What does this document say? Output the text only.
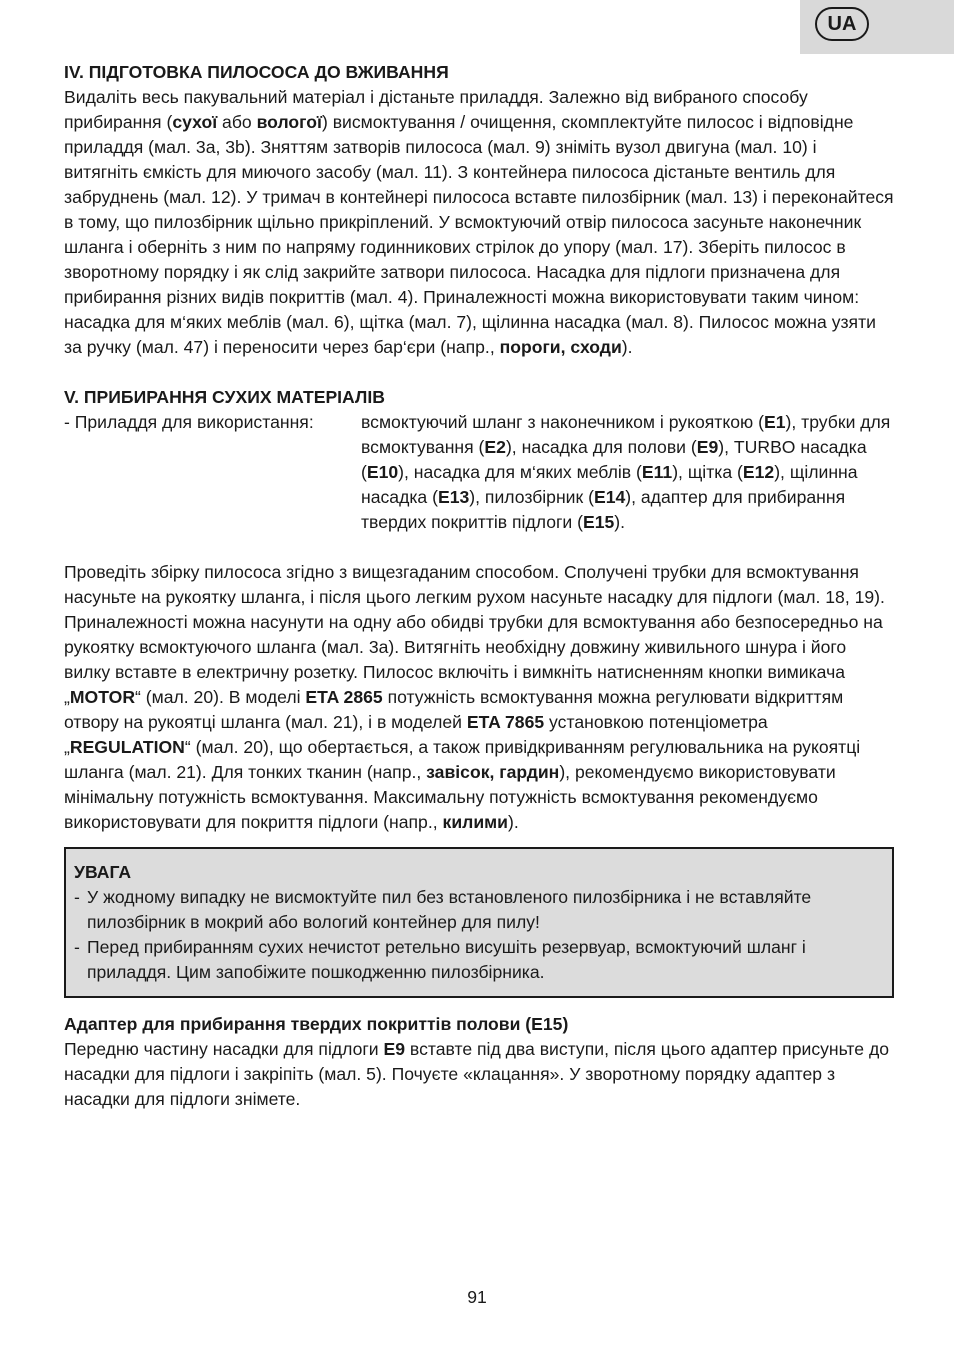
UA

IV. ПІДГОТОВКА ПИЛОСОСА ДО ВЖИВАННЯ

Видаліть весь пакувальний матеріал і дістаньте приладдя. Залежно від вибраного способу прибирання (сухої або вологої) висмоктування / очищення, скомплектуйте пилосос і відповідне приладдя (мал. 3a, 3b). Зняттям затворів пилососа (мал. 9) зніміть вузол двигуна (мал. 10) і витягніть ємкість для миючого засобу (мал. 11). З контейнера пилососа дістаньте вентиль для забруднень (мал. 12). У тримач в контейнері пилососа вставте пилозбірник (мал. 13) і переконайтеся в тому, що пилозбірник щільно прикріплений. У всмоктуючий отвір пилососа засуньте наконечник шланга і оберніть з ним по напряму годинникових стрілок до упору (мал. 17). Зберіть пилосос в зворотному порядку і як слід закрийте затвори пилососа. Насадка для підлоги призначена для прибирання різних видів покриттів (мал. 4). Приналежності можна використовувати таким чином: насадка для м‘яких меблів (мал. 6), щітка (мал. 7), щілинна насадка (мал. 8). Пилосос можна узяти за ручку (мал. 47) і переносити через бар‘єри (напр., пороги, сходи).

V. ПРИБИРАННЯ СУХИХ МАТЕРІАЛІВ

- Приладдя для використання:	всмоктуючий шланг з наконечником і рукояткою (E1), трубки для всмоктування (E2), насадка для полови (E9), TURBO насадка (E10), насадка для м‘яких меблів (E11), щітка (E12), щілинна насадка (E13), пилозбірник (E14), адаптер для прибирання твердих покриттів підлоги (E15).

Проведіть збірку пилососа згідно з вищезгаданим способом. Сполучені трубки для всмоктування насуньте на рукоятку шланга, і після цього легким рухом насуньте насадку для підлоги (мал. 18, 19). Приналежності можна насунути на одну або обидві трубки для всмоктування або безпосередньо на рукоятку всмоктуючого шланга (мал. 3a). Витягніть необхідну довжину живильного шнура і його вилку вставте в електричну розетку. Пилосос включіть і вимкніть натисненням кнопки вимикача „MOTOR“ (мал. 20). В моделі ETA 2865 потужність всмоктування можна регулювати відкриттям отвору на рукоятці шланга (мал. 21), і в моделей ETA 7865 установкою потенціометра „REGULATION“ (мал. 20), що обертається, а також привідкриванням регулювальника на рукоятці шланга (мал. 21). Для тонких тканин (напр., завісок, гардин), рекомендуємо використовувати мінімальну потужність всмоктування. Максимальну потужність всмоктування рекомендуємо використовувати для покриття підлоги (напр., килими).

УВАГА

- У жодному випадку не висмоктуйте пил без встановленого пилозбірника і не вставляйте пилозбірник в мокрий або вологий контейнер для пилу!
- Перед прибиранням сухих нечистот ретельно висушіть резервуар, всмоктуючий шланг і приладдя. Цим запобіжите пошкодженню пилозбірника.

Адаптер для прибирання твердих покриттів полови (E15)

Передню частину насадки для підлоги E9 вставте під два виступи, після цього адаптер присуньте до насадки для підлоги і закріпіть (мал. 5). Почуєте «клацання». У зворотному порядку адаптер з насадки для підлоги знімете.

91
